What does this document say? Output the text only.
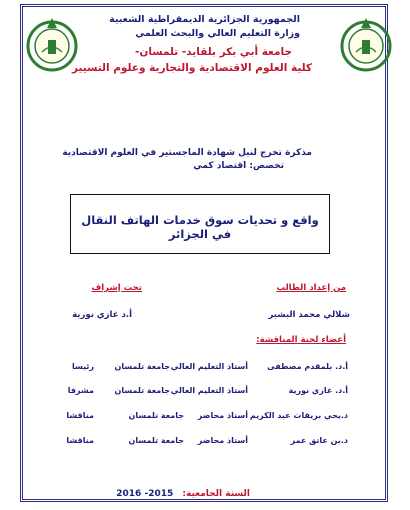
الجمهورية الجزائرية الديمقراطية الشعبية
وزارة التعليم العالي والبحث العلمي
جامعة أبي بكر بلقايد- تلمسان-
كلية العلوم الاقتصادية والتجارية وعلوم التسيير
مذكرة تخرج لنيل شهادة الماجستير في العلوم الاقتصادية
تخصص: اقتصاد كمي
واقع و تحديات سوق خدمات الهاتف النقال في الجزائر
من إعداد الطالب
شلالي محمد البشير
تحت إشراف
أ.د غازي نورية
أعضاء لجنة المناقشة:
أ.د. بلمقدم مصطفى
أستاذ التعليم العالي
جامعة تلمسان
رئيسا
أ.د. غازي نورية
أستاذ التعليم العالي
جامعة تلمسان
مشرفا
د.يحي بريقات عبد الكريم
أستاذ محاضر
جامعة تلمسان
مناقشا
د.بن عاتق عمر
أستاذ محاضر
جامعة تلمسان
مناقشا
السنة الجامعية: 2015- 2016
